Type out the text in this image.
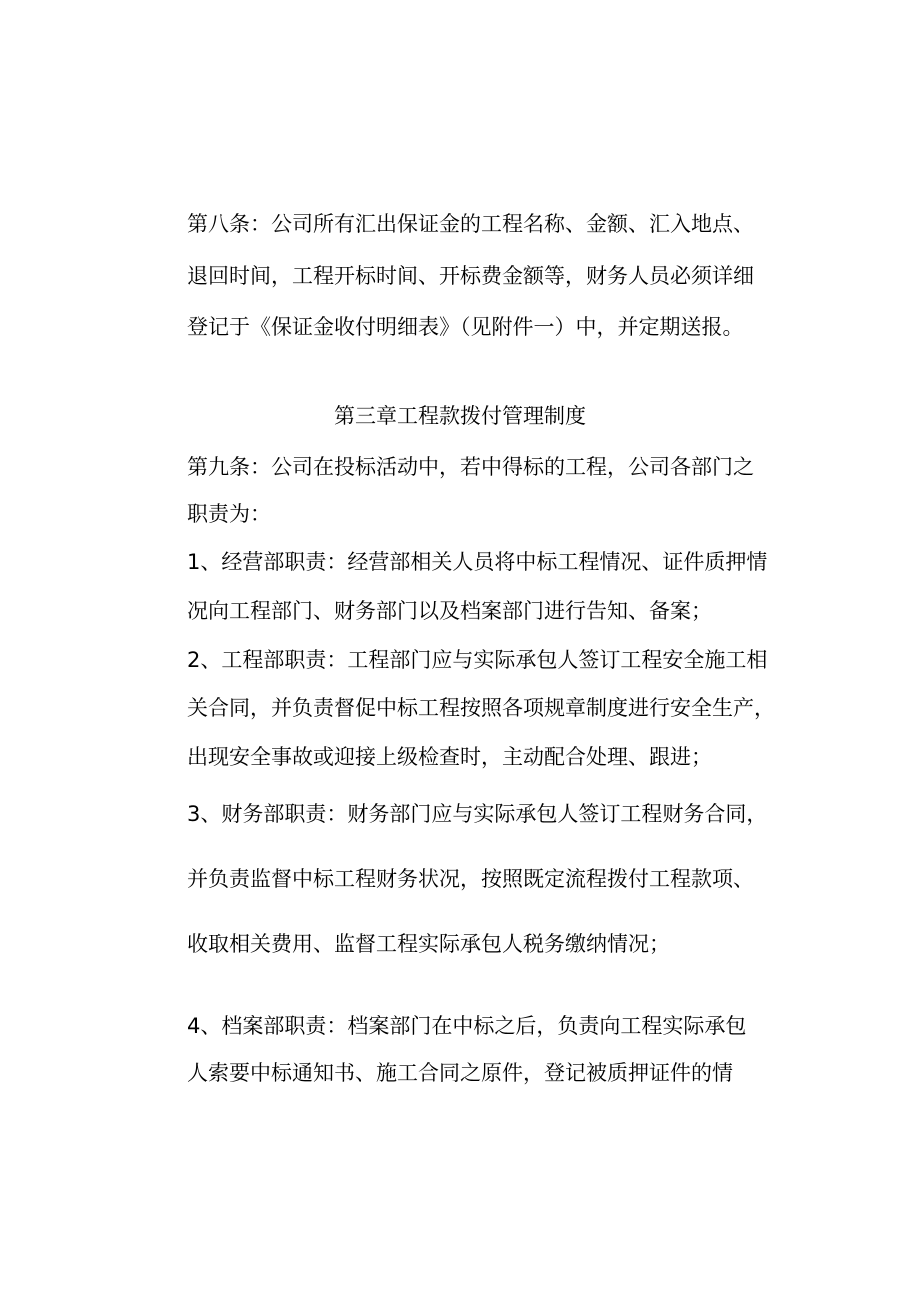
第八条：公司所有汇出保证金的工程名称、金额、汇入地点、
退回时间，工程开标时间、开标费金额等，财务人员必须详细
登记于《保证金收付明细表》（见附件一）中，并定期送报。
第三章工程款拨付管理制度
第九条：公司在投标活动中，若中得标的工程，公司各部门之
职责为：
1、经营部职责：经营部相关人员将中标工程情况、证件质押情
况向工程部门、财务部门以及档案部门进行告知、备案；
2、工程部职责：工程部门应与实际承包人签订工程安全施工相
关合同，并负责督促中标工程按照各项规章制度进行安全生产，
出现安全事故或迎接上级检查时，主动配合处理、跟进；
3、财务部职责：财务部门应与实际承包人签订工程财务合同，
并负责监督中标工程财务状况，按照既定流程拨付工程款项、
收取相关费用、监督工程实际承包人税务缴纳情况；
4、档案部职责：档案部门在中标之后，负责向工程实际承包
人索要中标通知书、施工合同之原件，登记被质押证件的情
